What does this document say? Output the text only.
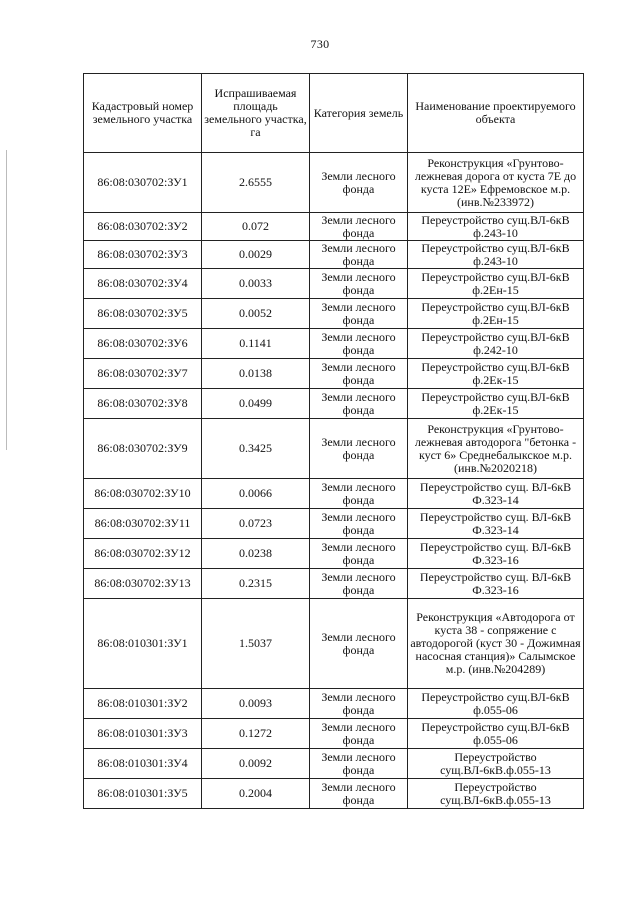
730
Кадастровый номер земельного участка	Испрашиваемая площадь земельного участка, га	Категория земель	Наименование проектируемого объекта
86:08:030702:ЗУ1	2.6555	Земли лесного фонда	Реконструкция «Грунтово-лежневая дорога от куста 7Е до куста 12Е» Ефремовское м.р. (инв.№233972)
86:08:030702:ЗУ2	0.072	Земли лесного фонда	Переустройство сущ.ВЛ-6кВ ф.243-10
86:08:030702:ЗУ3	0.0029	Земли лесного фонда	Переустройство сущ.ВЛ-6кВ ф.243-10
86:08:030702:ЗУ4	0.0033	Земли лесного фонда	Переустройство сущ.ВЛ-6кВ ф.2Ен-15
86:08:030702:ЗУ5	0.0052	Земли лесного фонда	Переустройство сущ.ВЛ-6кВ ф.2Ен-15
86:08:030702:ЗУ6	0.1141	Земли лесного фонда	Переустройство сущ.ВЛ-6кВ ф.242-10
86:08:030702:ЗУ7	0.0138	Земли лесного фонда	Переустройство сущ.ВЛ-6кВ ф.2Ек-15
86:08:030702:ЗУ8	0.0499	Земли лесного фонда	Переустройство сущ.ВЛ-6кВ ф.2Ек-15
86:08:030702:ЗУ9	0.3425	Земли лесного фонда	Реконструкция «Грунтово-лежневая автодорога "бетонка - куст 6» Среднебалыкское м.р. (инв.№2020218)
86:08:030702:ЗУ10	0.0066	Земли лесного фонда	Переустройство сущ. ВЛ-6кВ Ф.323-14
86:08:030702:ЗУ11	0.0723	Земли лесного фонда	Переустройство сущ. ВЛ-6кВ Ф.323-14
86:08:030702:ЗУ12	0.0238	Земли лесного фонда	Переустройство сущ. ВЛ-6кВ Ф.323-16
86:08:030702:ЗУ13	0.2315	Земли лесного фонда	Переустройство сущ. ВЛ-6кВ Ф.323-16
86:08:010301:ЗУ1	1.5037	Земли лесного фонда	Реконструкция «Автодорога от куста 38 - сопряжение с автодорогой (куст 30 - Дожимная насосная станция)» Салымское м.р. (инв.№204289)
86:08:010301:ЗУ2	0.0093	Земли лесного фонда	Переустройство сущ.ВЛ-6кВ ф.055-06
86:08:010301:ЗУ3	0.1272	Земли лесного фонда	Переустройство сущ.ВЛ-6кВ ф.055-06
86:08:010301:ЗУ4	0.0092	Земли лесного фонда	Переустройство сущ.ВЛ-6кВ.ф.055-13
86:08:010301:ЗУ5	0.2004	Земли лесного фонда	Переустройство сущ.ВЛ-6кВ.ф.055-13
